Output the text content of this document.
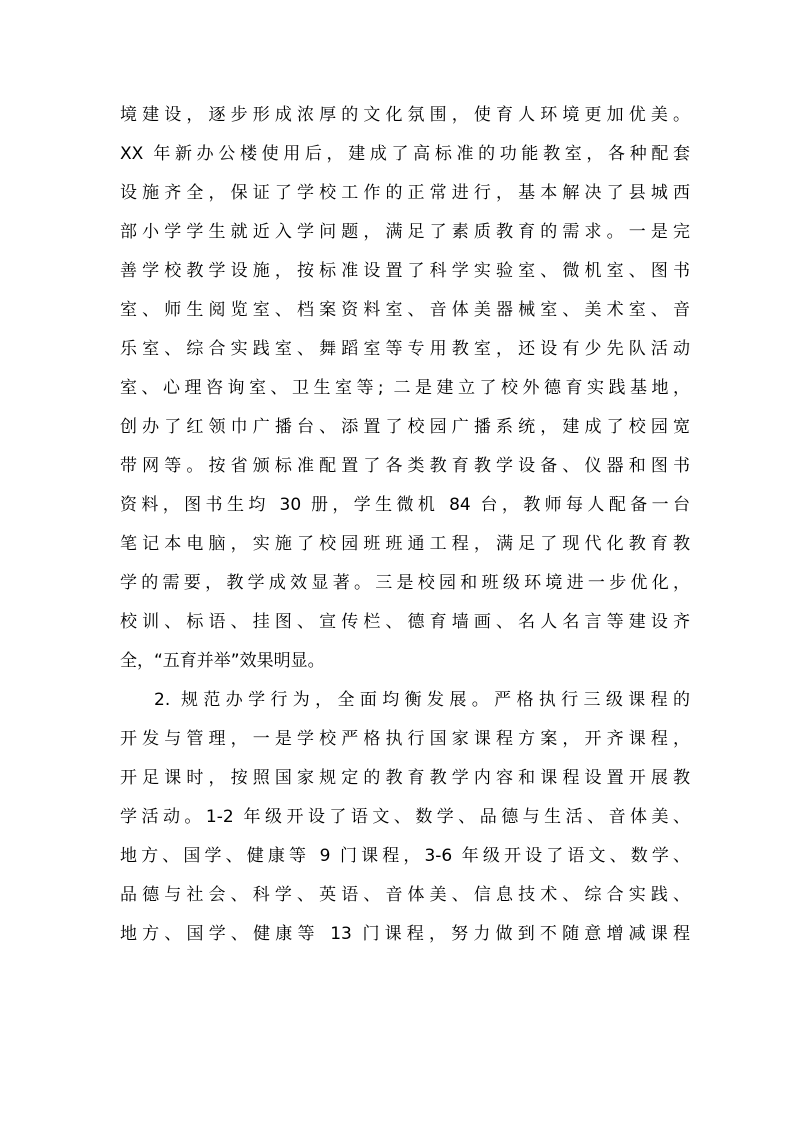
境建设，逐步形成浓厚的文化氛围，使育人环境更加优美。
XX 年新办公楼使用后，建成了高标准的功能教室，各种配套
设施齐全，保证了学校工作的正常进行，基本解决了县城西
部小学学生就近入学问题，满足了素质教育的需求。一是完
善学校教学设施，按标准设置了科学实验室、微机室、图书
室、师生阅览室、档案资料室、音体美器械室、美术室、音
乐室、综合实践室、舞蹈室等专用教室，还设有少先队活动
室、心理咨询室、卫生室等; 二是建立了校外德育实践基地，
创办了红领巾广播台、添置了校园广播系统，建成了校园宽
带网等。按省颁标准配置了各类教育教学设备、仪器和图书
资料，图书生均 30 册，学生微机 84 台，教师每人配备一台
笔记本电脑，实施了校园班班通工程，满足了现代化教育教
学的需要，教学成效显著。三是校园和班级环境进一步优化，
校训、标语、挂图、宣传栏、德育墙画、名人名言等建设齐
全，“五育并举”效果明显。
2. 规范办学行为，全面均衡发展。严格执行三级课程的
开发与管理，一是学校严格执行国家课程方案，开齐课程，
开足课时，按照国家规定的教育教学内容和课程设置开展教
学活动。1-2 年级开设了语文、数学、品德与生活、音体美、
地方、国学、健康等 9 门课程，3-6 年级开设了语文、数学、
品德与社会、科学、英语、音体美、信息技术、综合实践、
地方、国学、健康等 13 门课程，努力做到不随意增减课程
